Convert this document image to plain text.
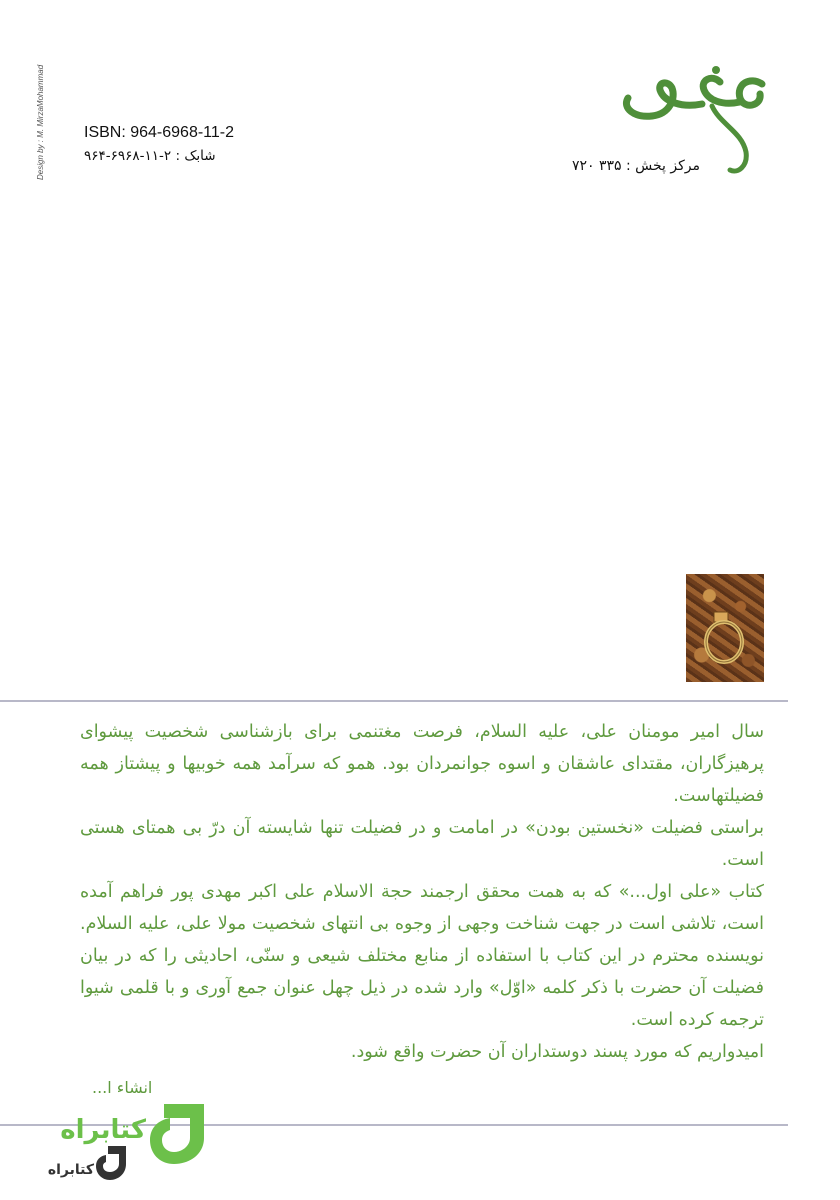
Design by : M. MirzaMohammad	ISBN: 964-6968-11-2
شابک : ۲-۱۱-۶۹۶۸-۹۶۴
موعود
مرکز پخش : ۳۳۵ ۷۲۰

سال امیر مومنان علی، علیه السلام، فرصت مغتنمی برای بازشناسی شخصیت پیشوای پرهیزگاران، مقتدای عاشقان و اسوه جوانمردان بود. همو که سرآمد همه خوبیها و پیشتاز همه فضیلتهاست.

براستی فضیلت «نخستین بودن» در امامت و در فضیلت تنها شایسته آن درّ بی همتای هستی است.

کتاب «علی اول...» که به همت محقق ارجمند حجة الاسلام علی اکبر مهدی پور فراهم آمده است، تلاشی است در جهت شناخت وجهی از وجوه بی انتهای شخصیت مولا علی، علیه السلام. نویسنده محترم در این کتاب با استفاده از منابع مختلف شیعی و سنّی، احادیثی را که در بیان فضیلت آن حضرت با ذکر کلمه «اوّل» وارد شده در ذیل چهل عنوان جمع آوری و با قلمی شیوا ترجمه کرده است.

امیدواریم که مورد پسند دوستداران آن حضرت واقع شود.

انشاء ا...
کتابراه
کتابراه
